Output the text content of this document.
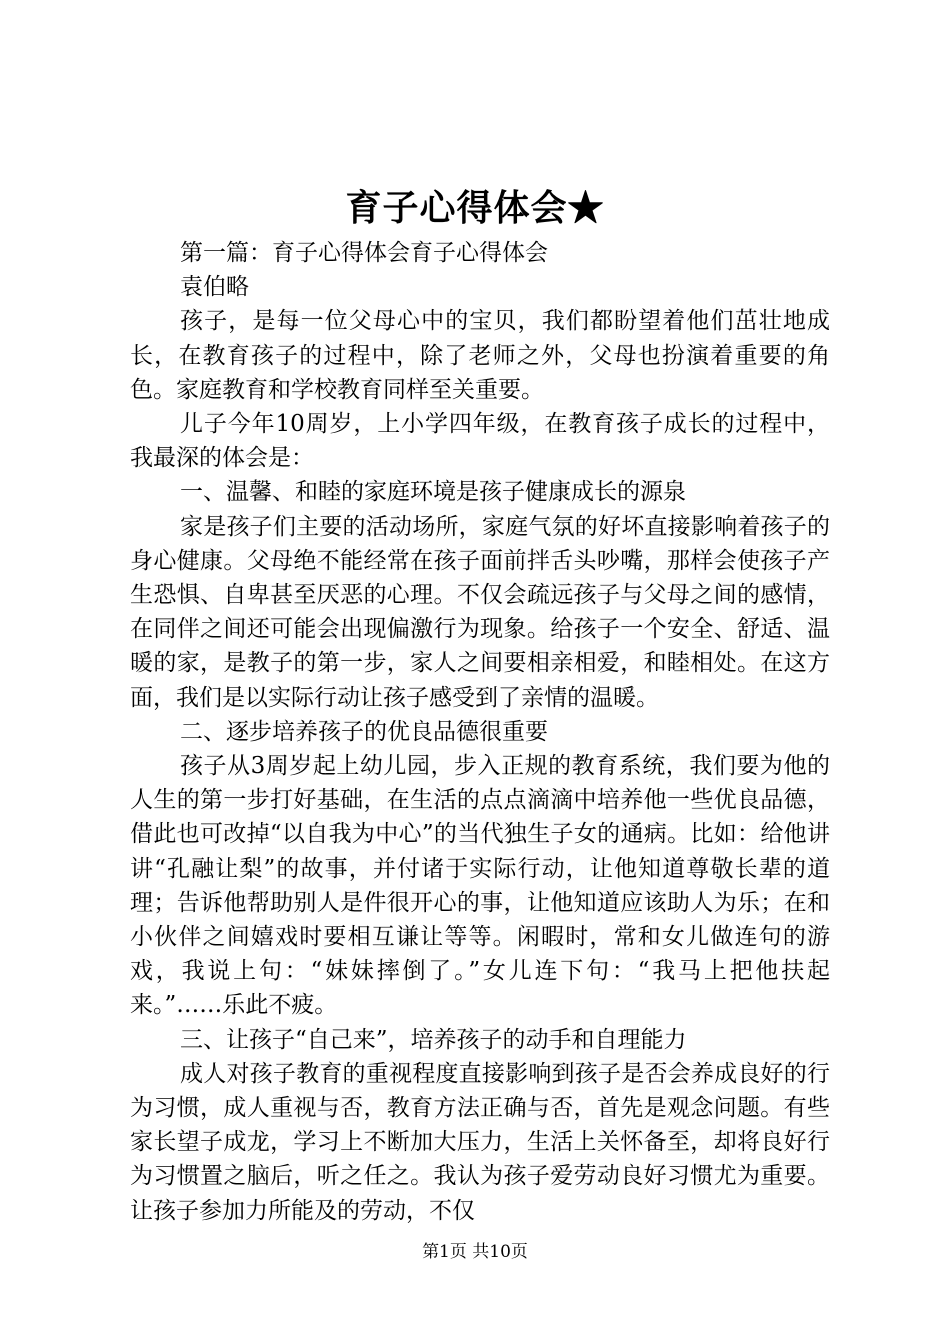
育子心得体会★

第一篇：育子心得体会育子心得体会

袁伯略

孩子，是每一位父母心中的宝贝，我们都盼望着他们茁壮地成长，在教育孩子的过程中，除了老师之外，父母也扮演着重要的角色。家庭教育和学校教育同样至关重要。

儿子今年10周岁，上小学四年级，在教育孩子成长的过程中，我最深的体会是：

一、温馨、和睦的家庭环境是孩子健康成长的源泉

家是孩子们主要的活动场所，家庭气氛的好坏直接影响着孩子的身心健康。父母绝不能经常在孩子面前拌舌头吵嘴，那样会使孩子产生恐惧、自卑甚至厌恶的心理。不仅会疏远孩子与父母之间的感情，在同伴之间还可能会出现偏激行为现象。给孩子一个安全、舒适、温暖的家，是教子的第一步，家人之间要相亲相爱，和睦相处。在这方面，我们是以实际行动让孩子感受到了亲情的温暖。

二、逐步培养孩子的优良品德很重要

孩子从3周岁起上幼儿园，步入正规的教育系统，我们要为他的人生的第一步打好基础，在生活的点点滴滴中培养他一些优良品德，借此也可改掉“以自我为中心”的当代独生子女的通病。比如：给他讲讲“孔融让梨”的故事，并付诸于实际行动，让他知道尊敬长辈的道理；告诉他帮助别人是件很开心的事，让他知道应该助人为乐；在和小伙伴之间嬉戏时要相互谦让等等。闲暇时，常和女儿做连句的游戏，我说上句：“妹妹摔倒了。”女儿连下句：“我马上把他扶起来。”……乐此不疲。

三、让孩子“自己来”，培养孩子的动手和自理能力

成人对孩子教育的重视程度直接影响到孩子是否会养成良好的行为习惯，成人重视与否，教育方法正确与否，首先是观念问题。有些家长望子成龙，学习上不断加大压力，生活上关怀备至，却将良好行为习惯置之脑后，听之任之。我认为孩子爱劳动良好习惯尤为重要。让孩子参加力所能及的劳动，不仅

第1页 共10页
